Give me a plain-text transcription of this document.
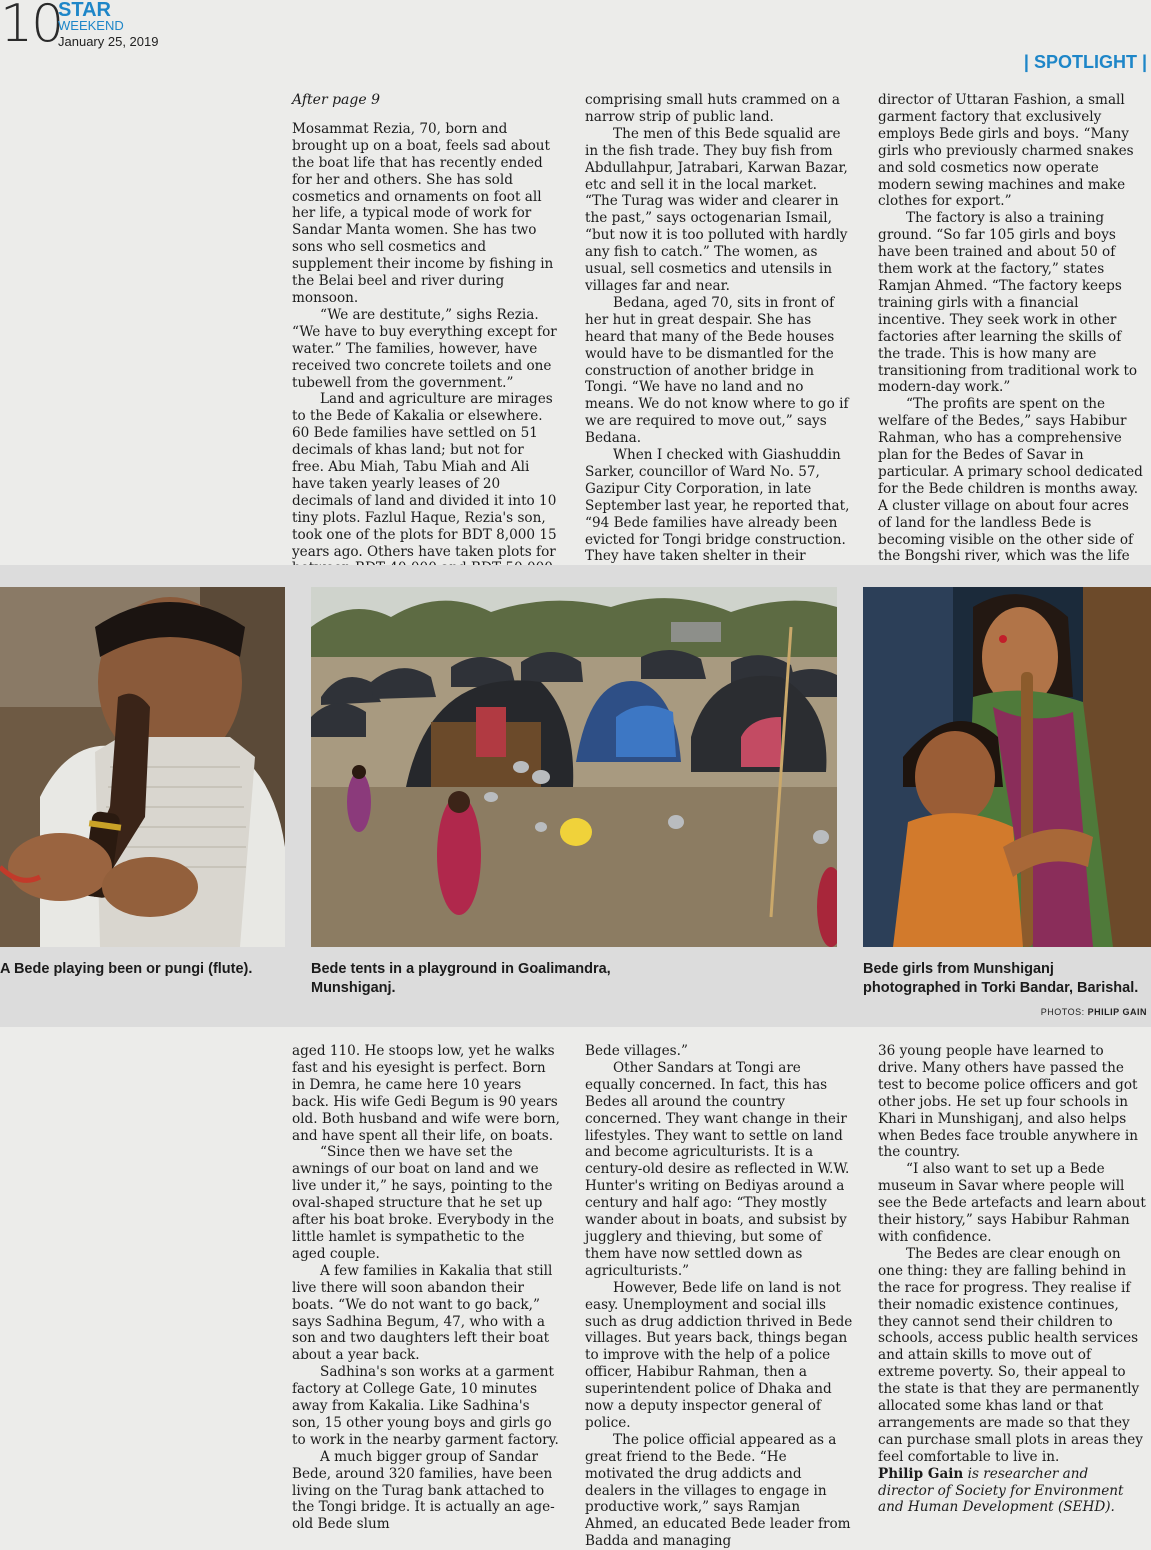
10
STAR
WEEKEND
January 25, 2019
| SPOTLIGHT |
After page 9

Mosammat Rezia, 70, born and brought up on a boat, feels sad about the boat life that has recently ended for her and others. She has sold cosmetics and ornaments on foot all her life, a typical mode of work for Sandar Manta women. She has two sons who sell cosmetics and supplement their income by fishing in the Belai beel and river during monsoon.

“We are destitute,” sighs Rezia. “We have to buy everything except for water.” The families, however, have received two concrete toilets and one tubewell from the government.”

Land and agriculture are mirages to the Bede of Kakalia or elsewhere. 60 Bede families have settled on 51 decimals of khas land; but not for free. Abu Miah, Tabu Miah and Ali have taken yearly leases of 20 decimals of land and divided it into 10 tiny plots. Fazlul Haque, Rezia's son, took one of the plots for BDT 8,000 15 years ago. Others have taken plots for

comprising small huts crammed on a narrow strip of public land.

The men of this Bede squalid are in the fish trade. They buy fish from Abdullahpur, Jatrabari, Karwan Bazar, etc and sell it in the local market. “The Turag was wider and clearer in the past,” says octogenarian Ismail, “but now it is too polluted with hardly any fish to catch.” The women, as usual, sell cosmetics and utensils in villages far and near.

Bedana, aged 70, sits in front of her hut in great despair. She has heard that many of the Bede houses would have to be dismantled for the construction of another bridge in Tongi. “We have no land and no means. We do not know where to go if we are required to move out,” says Bedana.

When I checked with Giashuddin Sarker, councillor of Ward No. 57, Gazipur City Corporation, in late September last year, he reported that, “94 Bede families have already been evicted for Tongi bridge construction. They have taken shelter in their

director of Uttaran Fashion, a small garment factory that exclusively employs Bede girls and boys. “Many girls who previously charmed snakes and sold cosmetics now operate modern sewing machines and make clothes for export.”

The factory is also a training ground. “So far 105 girls and boys have been trained and about 50 of them work at the factory,” states Ramjan Ahmed. “The factory keeps training girls with a financial incentive. They seek work in other factories after learning the skills of the trade. This is how many are transitioning from traditional work to modern-day work.”

“The profits are spent on the welfare of the Bedes,” says Habibur Rahman, who has a comprehensive plan for the Bedes of Savar in particular. A primary school dedicated for the Bede children is months away. A cluster village on about four acres of land for the landless Bede is becoming visible on the other side of the Bongshi river, which was the life

A Bede playing been or pungi (flute).	Bede tents in a playground in Goalimandra, Munshiganj.
Bede girls from Munshiganj photographed in Torki Bandar, Barishal.
PHOTOS: PHILIP GAIN

aged 110. He stoops low, yet he walks fast and his eyesight is perfect. Born in Demra, he came here 10 years back. His wife Gedi Begum is 90 years old. Both husband and wife were born, and have spent all their life, on boats.

“Since then we have set the awnings of our boat on land and we live under it,” he says, pointing to the oval-shaped structure that he set up after his boat broke. Everybody in the little hamlet is sympathetic to the aged couple.

A few families in Kakalia that still live there will soon abandon their boats. “We do not want to go back,” says Sadhina Begum, 47, who with a son and two daughters left their boat about a year back.

Sadhina's son works at a garment factory at College Gate, 10 minutes away from Kakalia. Like Sadhina's son, 15 other young boys and girls go to work in the nearby garment factory.

A much bigger group of Sandar Bede, around 320 families, have been living on the Turag bank attached to the Tongi bridge. It is actually an age-old Bede slum

Bede villages.”

Other Sandars at Tongi are equally concerned. In fact, this has Bedes all around the country concerned. They want change in their lifestyles. They want to settle on land and become agriculturists. It is a century-old desire as reflected in W.W. Hunter's writing on Bediyas around a century and half ago: “They mostly wander about in boats, and subsist by jugglery and thieving, but some of them have now settled down as agriculturists.”

However, Bede life on land is not easy. Unemployment and social ills such as drug addiction thrived in Bede villages. But years back, things began to improve with the help of a police officer, Habibur Rahman, then a superintendent police of Dhaka and now a deputy inspector general of police.

The police official appeared as a great friend to the Bede. “He motivated the drug addicts and dealers in the villages to engage in productive work,” says Ramjan Ahmed, an educated Bede leader from Badda and managing

36 young people have learned to drive. Many others have passed the test to become police officers and got other jobs. He set up four schools in Khari in Munshiganj, and also helps when Bedes face trouble anywhere in the country.

“I also want to set up a Bede museum in Savar where people will see the Bede artefacts and learn about their history,” says Habibur Rahman with confidence.

The Bedes are clear enough on one thing: they are falling behind in the race for progress. They realise if their nomadic existence continues, they cannot send their children to schools, access public health services and attain skills to move out of extreme poverty. So, their appeal to the state is that they are permanently allocated some khas land or that arrangements are made so that they can purchase small plots in areas they feel comfortable to live in.

Philip Gain is researcher and director of Society for Environment and Human Development (SEHD).
